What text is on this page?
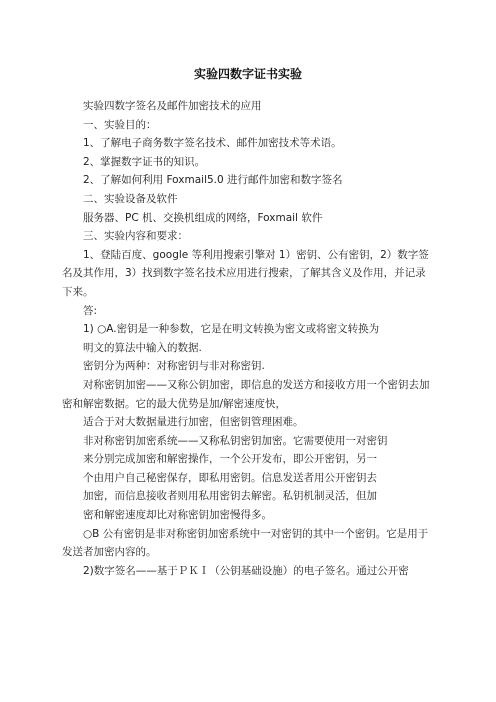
实验四数字证书实验

实验四数字签名及邮件加密技术的应用

一、实验目的：

1、了解电子商务数字签名技术、邮件加密技术等术语。

2、掌握数字证书的知识。

2、了解如何利用 Foxmail5.0 进行邮件加密和数字签名

二、实验设备及软件

服务器、PC 机、交换机组成的网络，Foxmail 软件

三、实验内容和要求：

1、登陆百度、google 等利用搜索引擎对 1）密钥、公有密钥，2）数字签名及其作用，3）找到数字签名技术应用进行搜索，了解其含义及作用，并记录下来。

答:

1) ○A.密钥是一种参数，它是在明文转换为密文或将密文转换为

明文的算法中输入的数据.

密钥分为两种：对称密钥与非对称密钥.

对称密钥加密——又称公钥加密，即信息的发送方和接收方用一个密钥去加密和解密数据。它的最大优势是加/解密速度快，

适合于对大数据量进行加密，但密钥管理困难。

非对称密钥加密系统——又称私钥密钥加密。它需要使用一对密钥

来分别完成加密和解密操作，一个公开发布，即公开密钥，另一

个由用户自己秘密保存，即私用密钥。信息发送者用公开密钥去

加密，而信息接收者则用私用密钥去解密。私钥机制灵活，但加

密和解密速度却比对称密钥加密慢得多。

○B 公有密钥是非对称密钥加密系统中一对密钥的其中一个密钥。它是用于发送者加密内容的。

2)数字签名——基于ＰＫＩ（公钥基础设施）的电子签名。通过公开密
